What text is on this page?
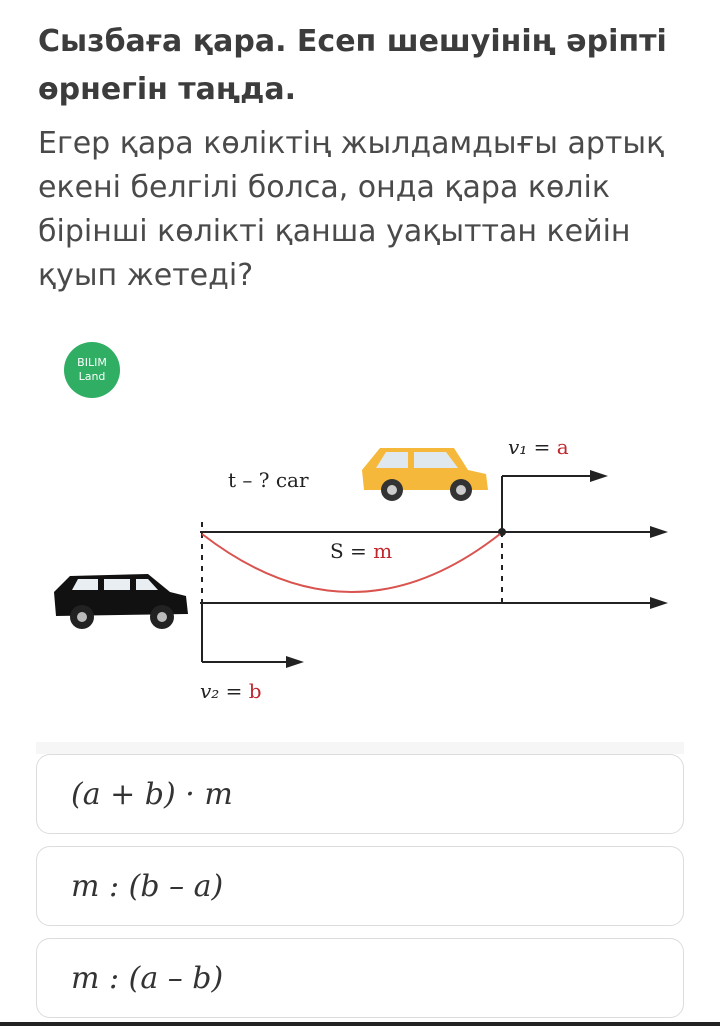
Сызбаға қара. Есеп шешуінің әріпті өрнегін таңда.

Егер қара көліктің жылдамдығы артық екені белгілі болса, онда қара көлік бірінші көлікті қанша уақыттан кейін қуып жетеді?

BILIM
Land
S = m
t – ? car
v₁ = a
v₂ = b
(a + b) · m
m : (b – a)
m : (a – b)
